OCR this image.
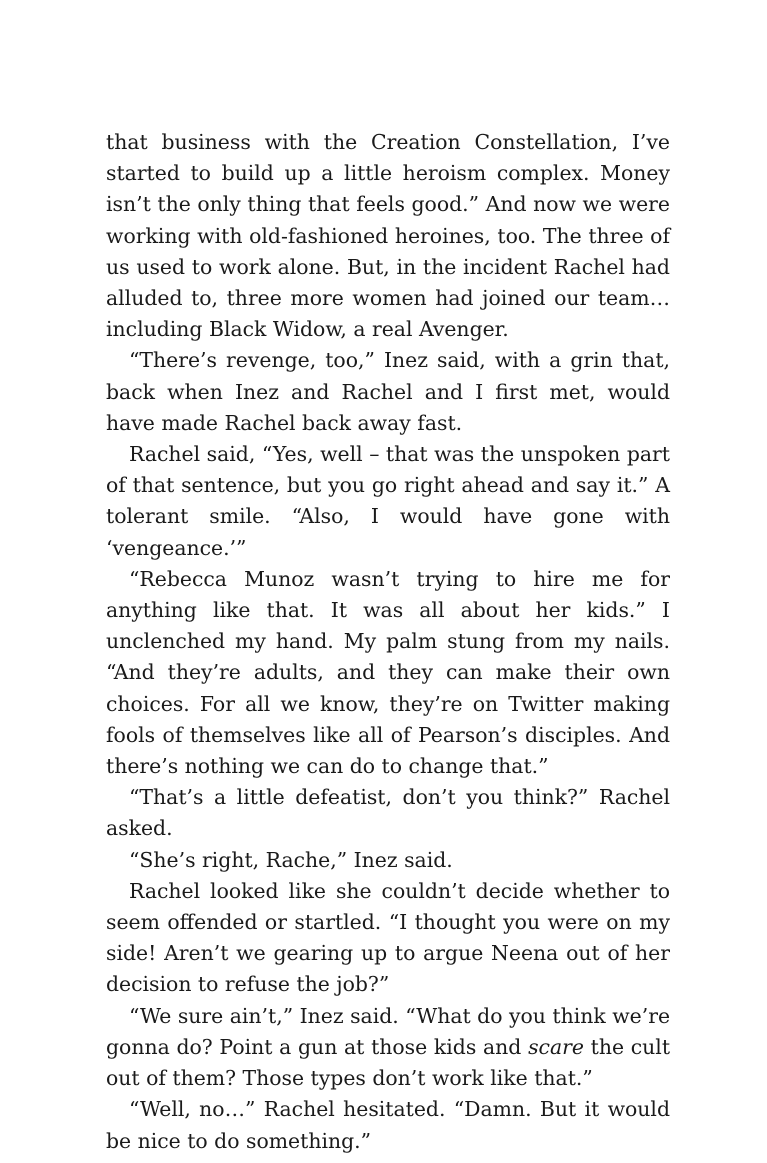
that business with the Creation Constellation, I’ve started to build up a little heroism complex. Money isn’t the only thing that feels good.” And now we were working with old-fashioned heroines, too. The three of us used to work alone. But, in the incident Rachel had alluded to, three more women had joined our team… including Black Widow, a real Avenger.

“There’s revenge, too,” Inez said, with a grin that, back when Inez and Rachel and I first met, would have made Rachel back away fast.

Rachel said, “Yes, well – that was the unspoken part of that sentence, but you go right ahead and say it.” A tolerant smile. “Also, I would have gone with ‘vengeance.’”

“Rebecca Munoz wasn’t trying to hire me for anything like that. It was all about her kids.” I unclenched my hand. My palm stung from my nails. “And they’re adults, and they can make their own choices. For all we know, they’re on Twitter making fools of themselves like all of Pearson’s disciples. And there’s nothing we can do to change that.”

“That’s a little defeatist, don’t you think?” Rachel asked.

“She’s right, Rache,” Inez said.

Rachel looked like she couldn’t decide whether to seem offended or startled. “I thought you were on my side! Aren’t we gearing up to argue Neena out of her decision to refuse the job?”

“We sure ain’t,” Inez said. “What do you think we’re gonna do? Point a gun at those kids and scare the cult out of them? Those types don’t work like that.”

“Well, no…” Rachel hesitated. “Damn. But it would be nice to do something.”
